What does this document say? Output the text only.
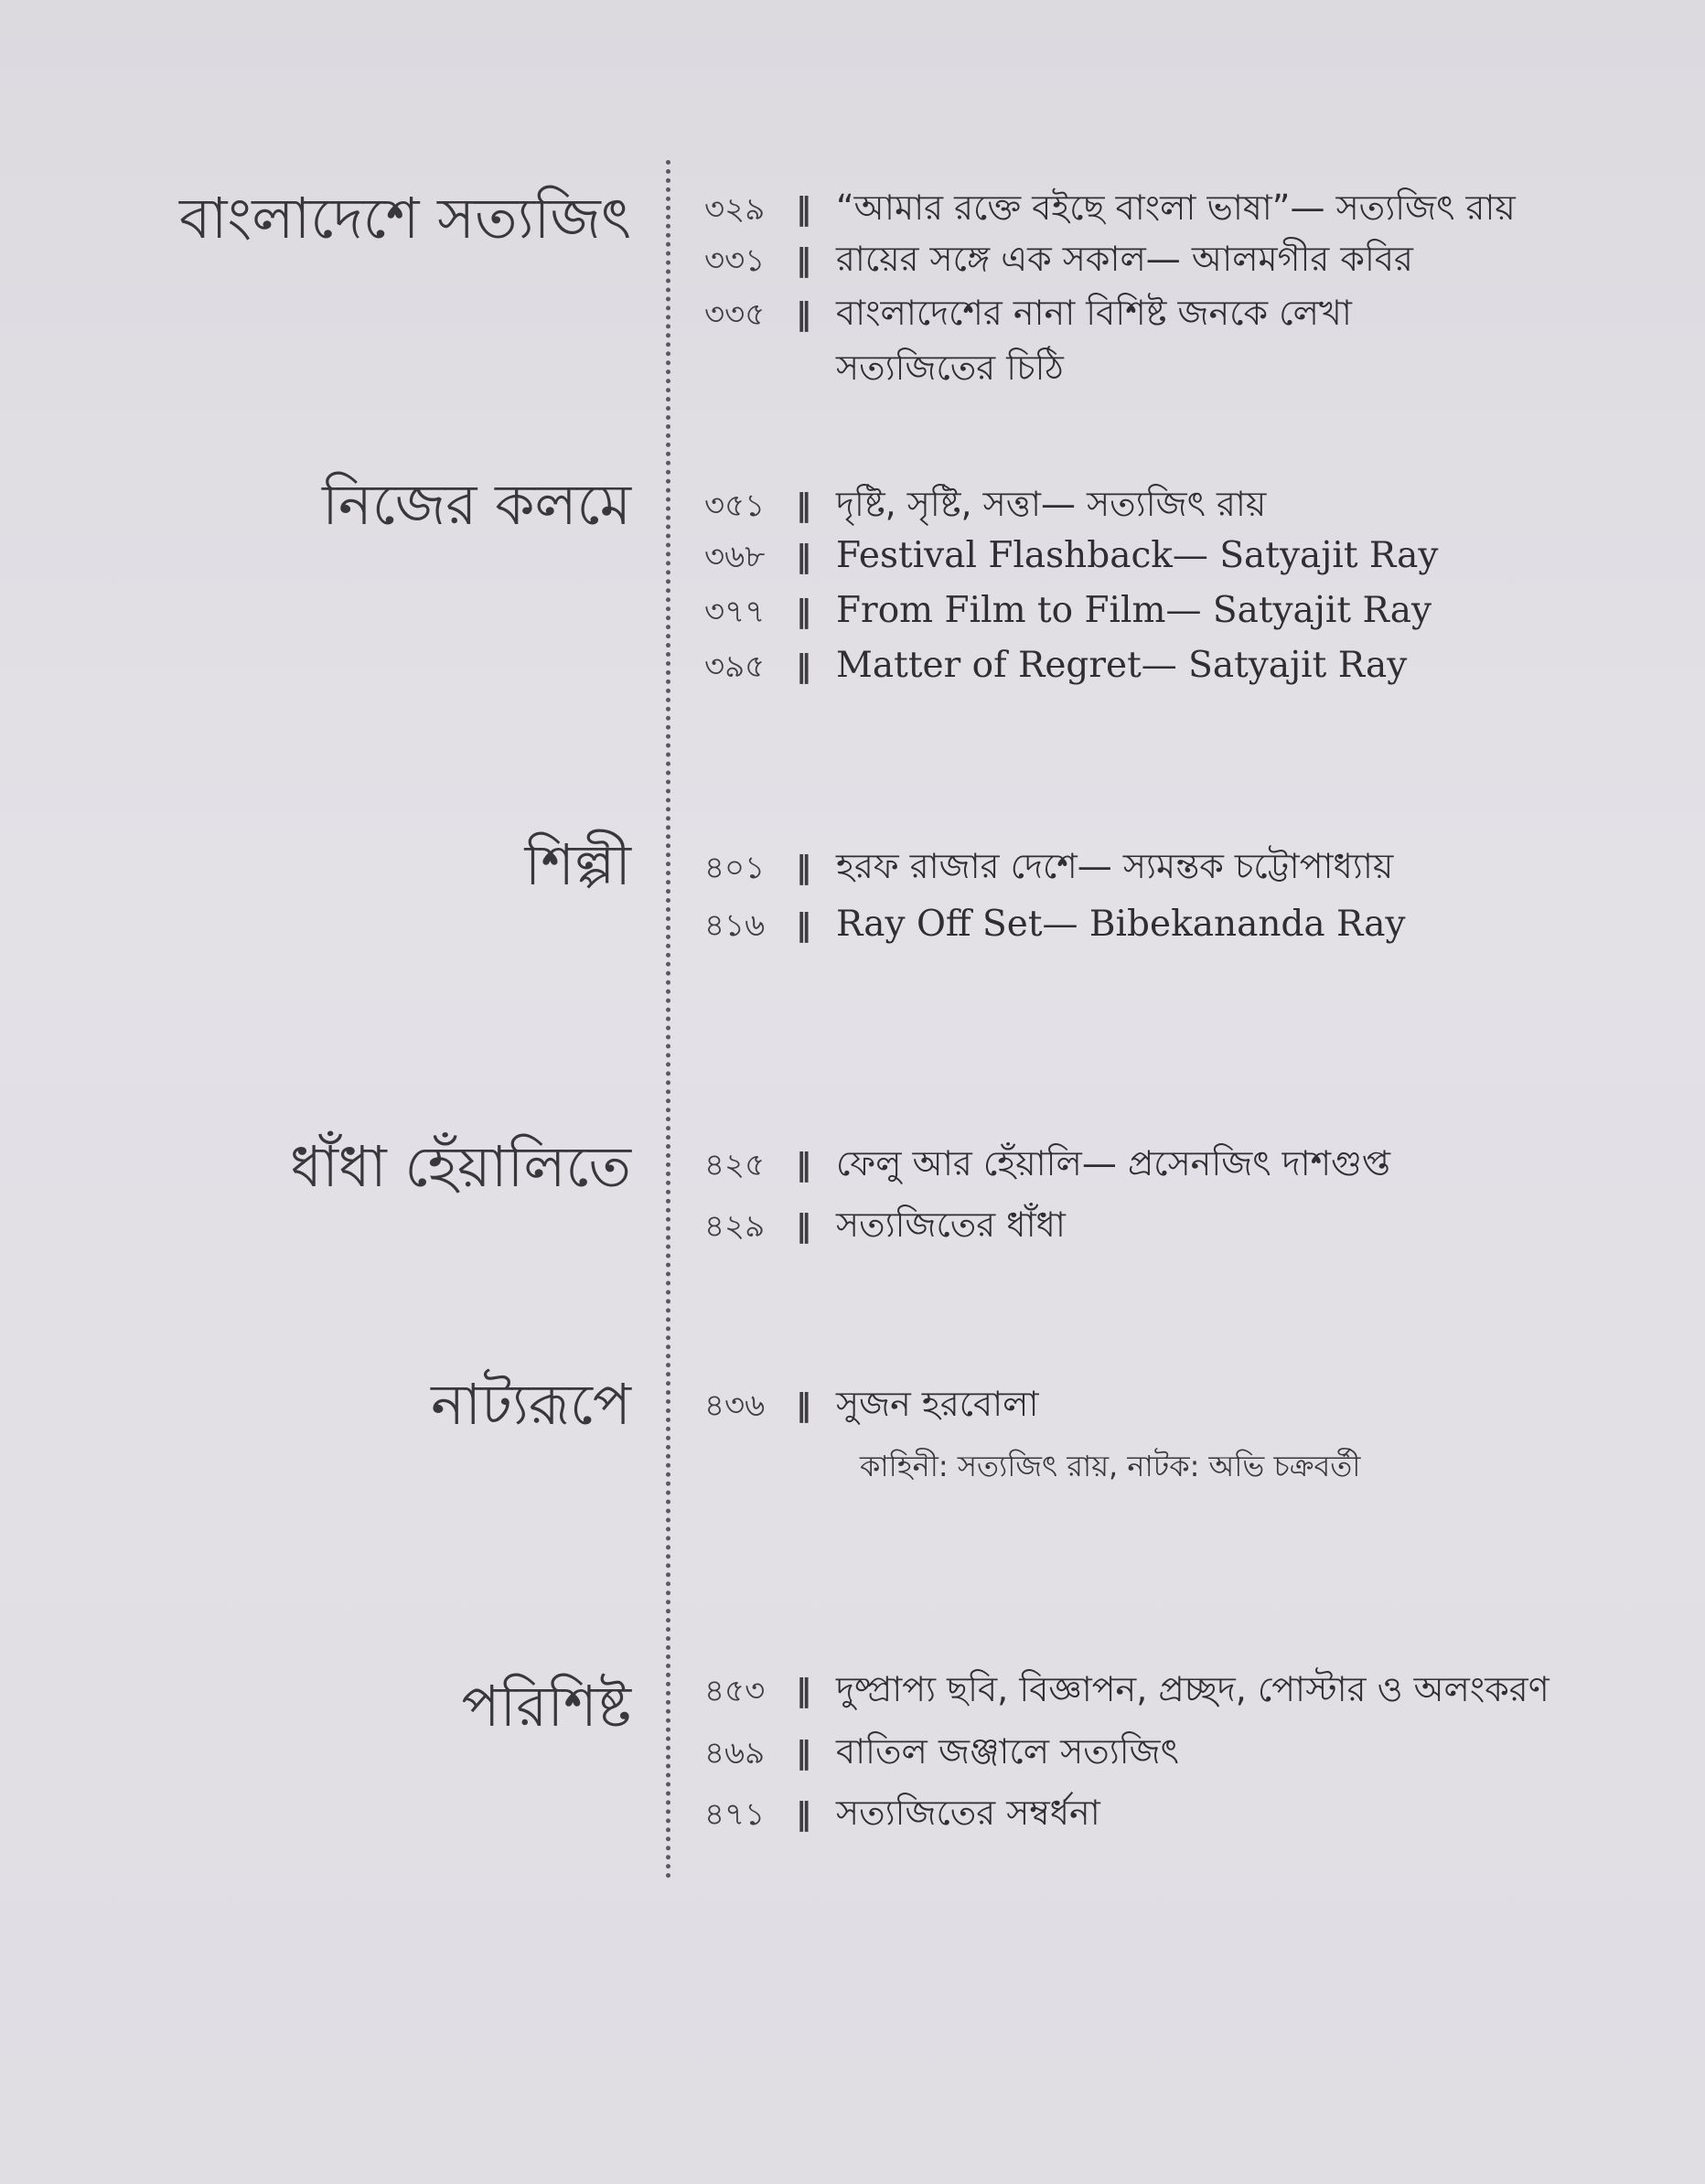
বাংলাদেশে সত্যজিৎ ৩২৯ ‖ “আমার রক্তে বইছে বাংলা ভাষা”— সত্যজিৎ রায়
৩৩১ ‖ রায়ের সঙ্গে এক সকাল— আলমগীর কবির
৩৩৫ ‖ বাংলাদেশের নানা বিশিষ্ট জনকে লেখা
সত্যজিতের চিঠি
নিজের কলমে ৩৫১ ‖ দৃষ্টি, সৃষ্টি, সত্তা— সত্যজিৎ রায়
৩৬৮ ‖ Festival Flashback— Satyajit Ray
৩৭৭ ‖ From Film to Film— Satyajit Ray
৩৯৫ ‖ Matter of Regret— Satyajit Ray
শিল্পী ৪০১ ‖ হরফ রাজার দেশে— স্যমন্তক চট্টোপাধ্যায়
৪১৬ ‖ Ray Off Set— Bibekananda Ray
ধাঁধা হেঁয়ালিতে ৪২৫ ‖ ফেলু আর হেঁয়ালি— প্রসেনজিৎ দাশগুপ্ত
৪২৯ ‖ সত্যজিতের ধাঁধা
নাট্যরূপে ৪৩৬ ‖ সুজন হরবোলা
কাহিনী: সত্যজিৎ রায়, নাটক: অভি চক্রবর্তী
পরিশিষ্ট ৪৫৩ ‖ দুষ্প্রাপ্য ছবি, বিজ্ঞাপন, প্রচ্ছদ, পোস্টার ও অলংকরণ
৪৬৯ ‖ বাতিল জঞ্জালে সত্যজিৎ
৪৭১ ‖ সত্যজিতের সম্বর্ধনা
